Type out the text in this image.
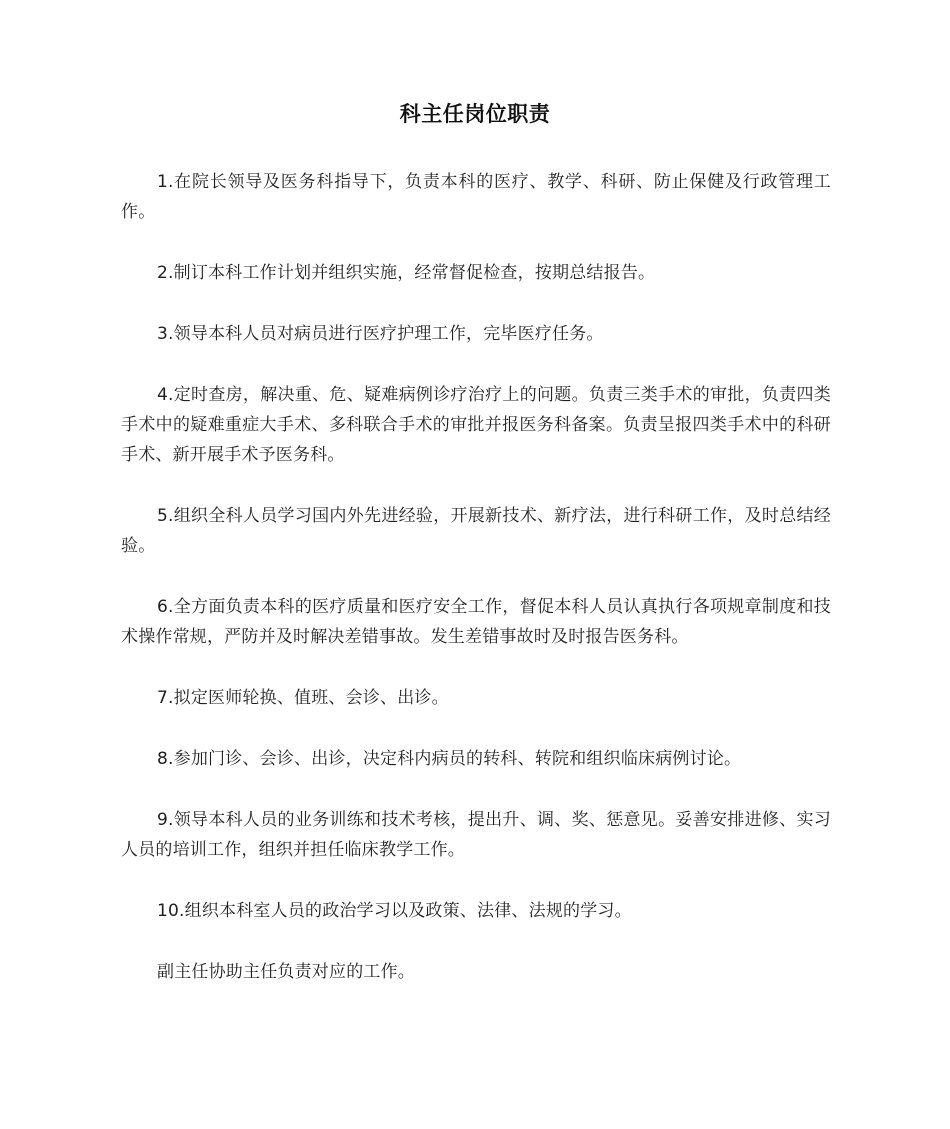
科主任岗位职责

1.在院长领导及医务科指导下，负责本科的医疗、教学、科研、防止保健及行政管理工作。

2.制订本科工作计划并组织实施，经常督促检查，按期总结报告。

3.领导本科人员对病员进行医疗护理工作，完毕医疗任务。

4.定时查房，解决重、危、疑难病例诊疗治疗上的问题。负责三类手术的审批，负责四类手术中的疑难重症大手术、多科联合手术的审批并报医务科备案。负责呈报四类手术中的科研手术、新开展手术予医务科。

5.组织全科人员学习国内外先进经验，开展新技术、新疗法，进行科研工作，及时总结经验。

6.全方面负责本科的医疗质量和医疗安全工作，督促本科人员认真执行各项规章制度和技术操作常规，严防并及时解决差错事故。发生差错事故时及时报告医务科。

7.拟定医师轮换、值班、会诊、出诊。

8.参加门诊、会诊、出诊，决定科内病员的转科、转院和组织临床病例讨论。

9.领导本科人员的业务训练和技术考核，提出升、调、奖、惩意见。妥善安排进修、实习人员的培训工作，组织并担任临床教学工作。

10.组织本科室人员的政治学习以及政策、法律、法规的学习。

副主任协助主任负责对应的工作。
